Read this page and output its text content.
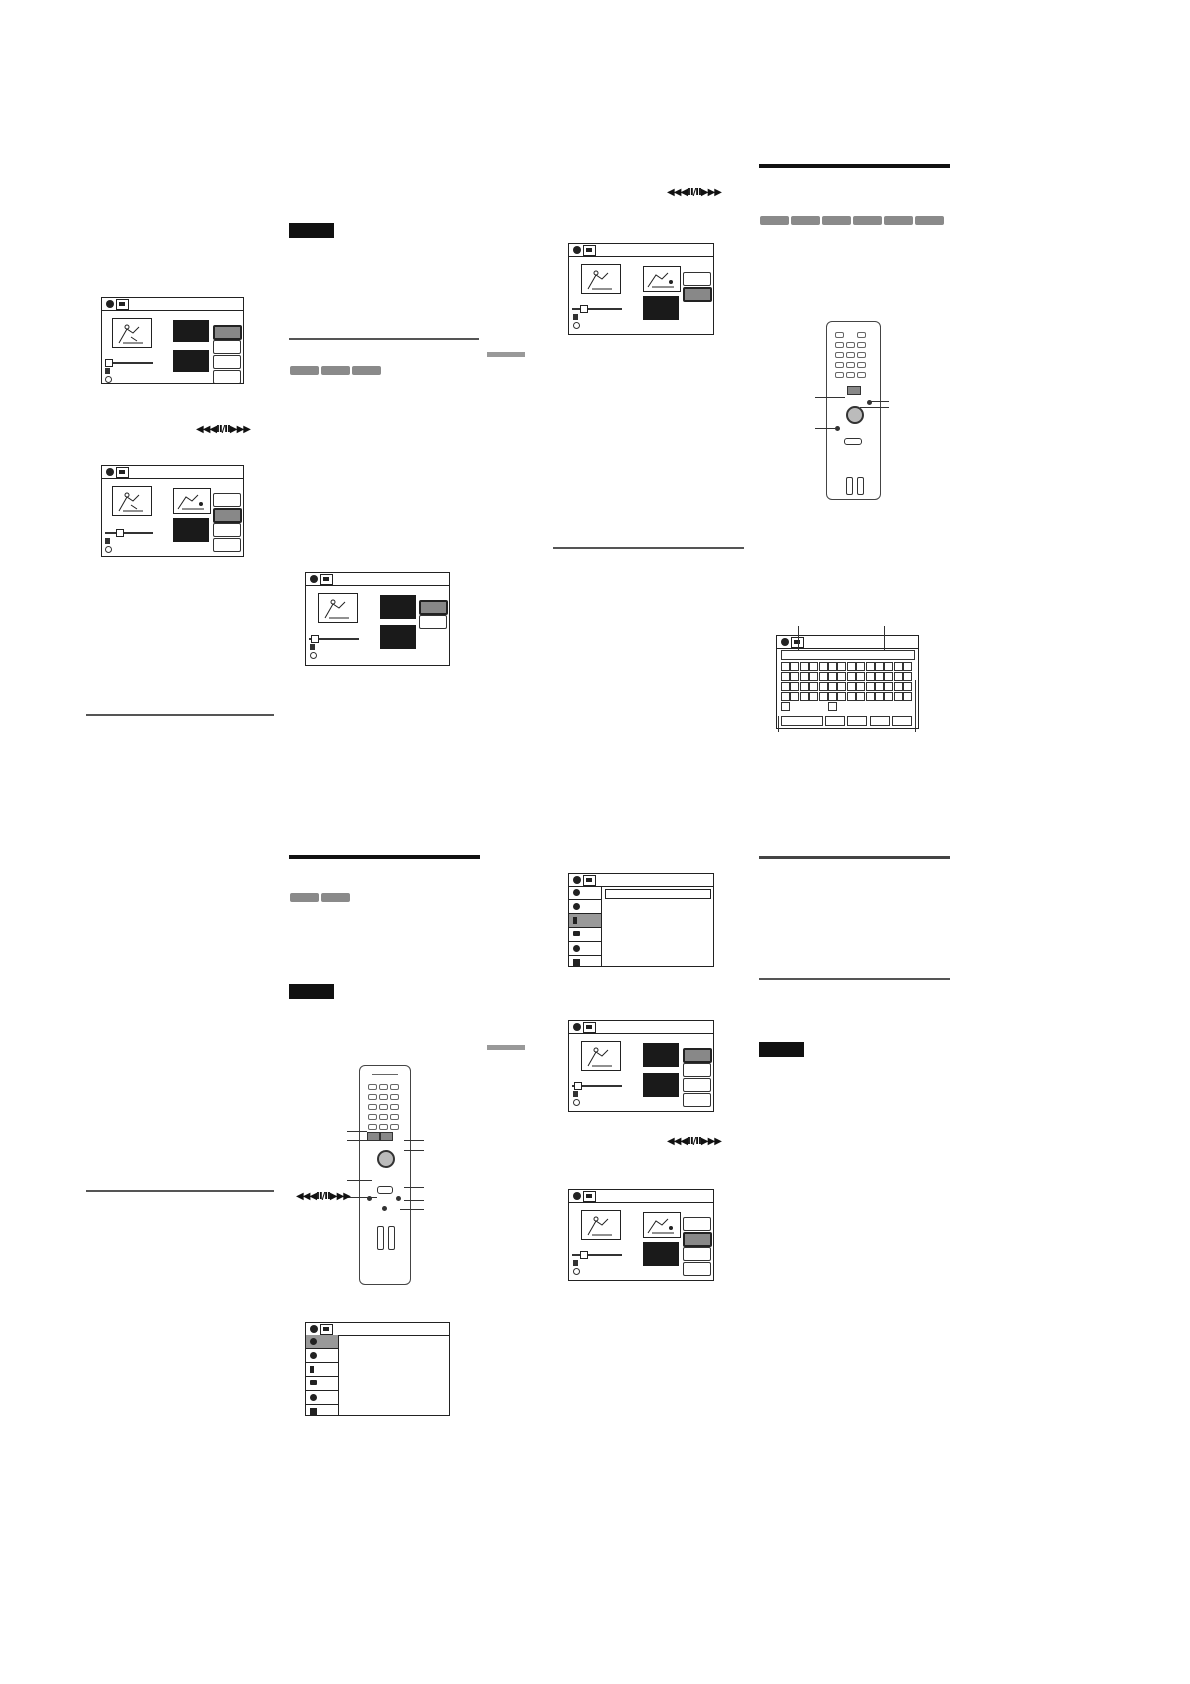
◀◀◀Ⅱ/Ⅱ▶▶▶
◀◀◀Ⅱ/Ⅱ▶▶▶
◀◀◀Ⅱ/Ⅱ▶▶▶
◀◀◀Ⅱ/Ⅱ▶▶▶
